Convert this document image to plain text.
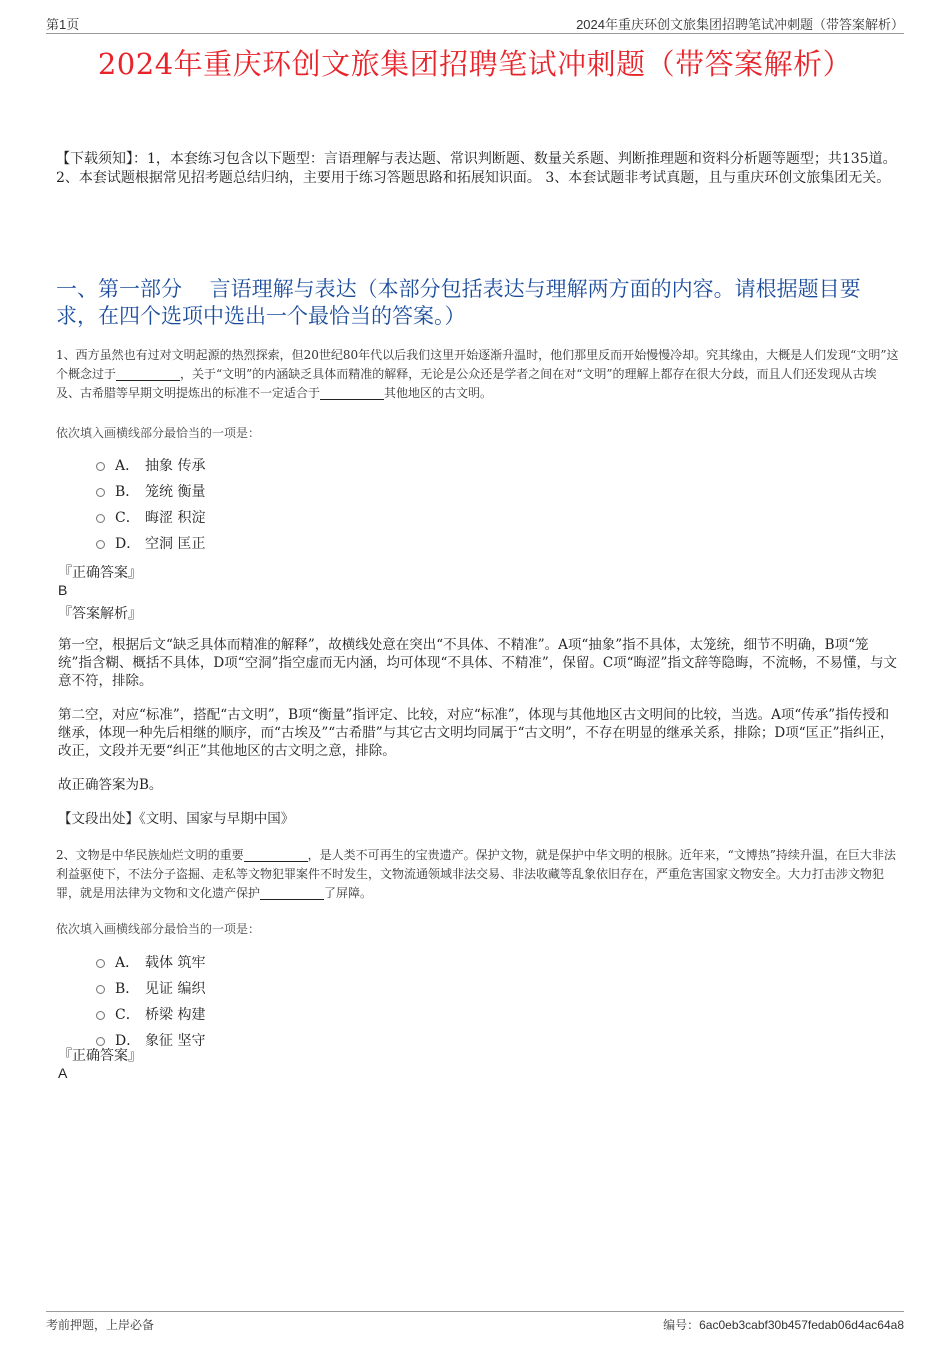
第1页	2024年重庆环创文旅集团招聘笔试冲刺题（带答案解析）
2024年重庆环创文旅集团招聘笔试冲刺题（带答案解析）
【下载须知】：1，本套练习包含以下题型：言语理解与表达题、常识判断题、数量关系题、判断推理题和资料分析题等题型；共135道。 2、本套试题根据常见招考题总结归纳，主要用于练习答题思路和拓展知识面。 3、本套试题非考试真题，且与重庆环创文旅集团无关。
一、第一部分　 言语理解与表达（本部分包括表达与理解两方面的内容。请根据题目要求，在四个选项中选出一个最恰当的答案。）
1、西方虽然也有过对文明起源的热烈探索，但20世纪80年代以后我们这里开始逐渐升温时，他们那里反而开始慢慢冷却。究其缘由，大概是人们发现“文明”这个概念过于	，关于“文明”的内涵缺乏具体而精准的解释，无论是公众还是学者之间在对“文明”的理解上都存在很大分歧，而且人们还发现从古埃及、古希腊等早期文明提炼出的标准不一定适合于	其他地区的古文明。
依次填入画横线部分最恰当的一项是：
A． 抽象 传承
B． 笼统 衡量
C． 晦涩 积淀
D． 空洞 匡正
『正确答案』
B
『答案解析』
第一空，根据后文“缺乏具体而精准的解释”，故横线处意在突出“不具体、不精准”。A项“抽象”指不具体，太笼统，细节不明确，B项“笼统”指含糊、概括不具体，D项“空洞”指空虚而无内涵，均可体现“不具体、不精准”，保留。C项“晦涩”指文辞等隐晦，不流畅，不易懂，与文意不符，排除。
第二空，对应“标准”，搭配“古文明”，B项“衡量”指评定、比较，对应“标准”，体现与其他地区古文明间的比较，当选。A项“传承”指传授和继承，体现一种先后相继的顺序，而“古埃及”“古希腊”与其它古文明均同属于“古文明”，不存在明显的继承关系，排除；D项“匡正”指纠正，改正，文段并无要“纠正”其他地区的古文明之意，排除。
故正确答案为B。
【文段出处】《文明、国家与早期中国》
2、文物是中华民族灿烂文明的重要	，是人类不可再生的宝贵遗产。保护文物，就是保护中华文明的根脉。近年来，“文博热”持续升温，在巨大非法利益驱使下，不法分子盗掘、走私等文物犯罪案件不时发生，文物流通领域非法交易、非法收藏等乱象依旧存在，严重危害国家文物安全。大力打击涉文物犯罪，就是用法律为文物和文化遗产保护	了屏障。
依次填入画横线部分最恰当的一项是：
A． 载体 筑牢
B． 见证 编织
C． 桥梁 构建
D． 象征 坚守
『正确答案』
A
考前押题，上岸必备	编号：6ac0eb3cabf30b457fedab06d4ac64a8
